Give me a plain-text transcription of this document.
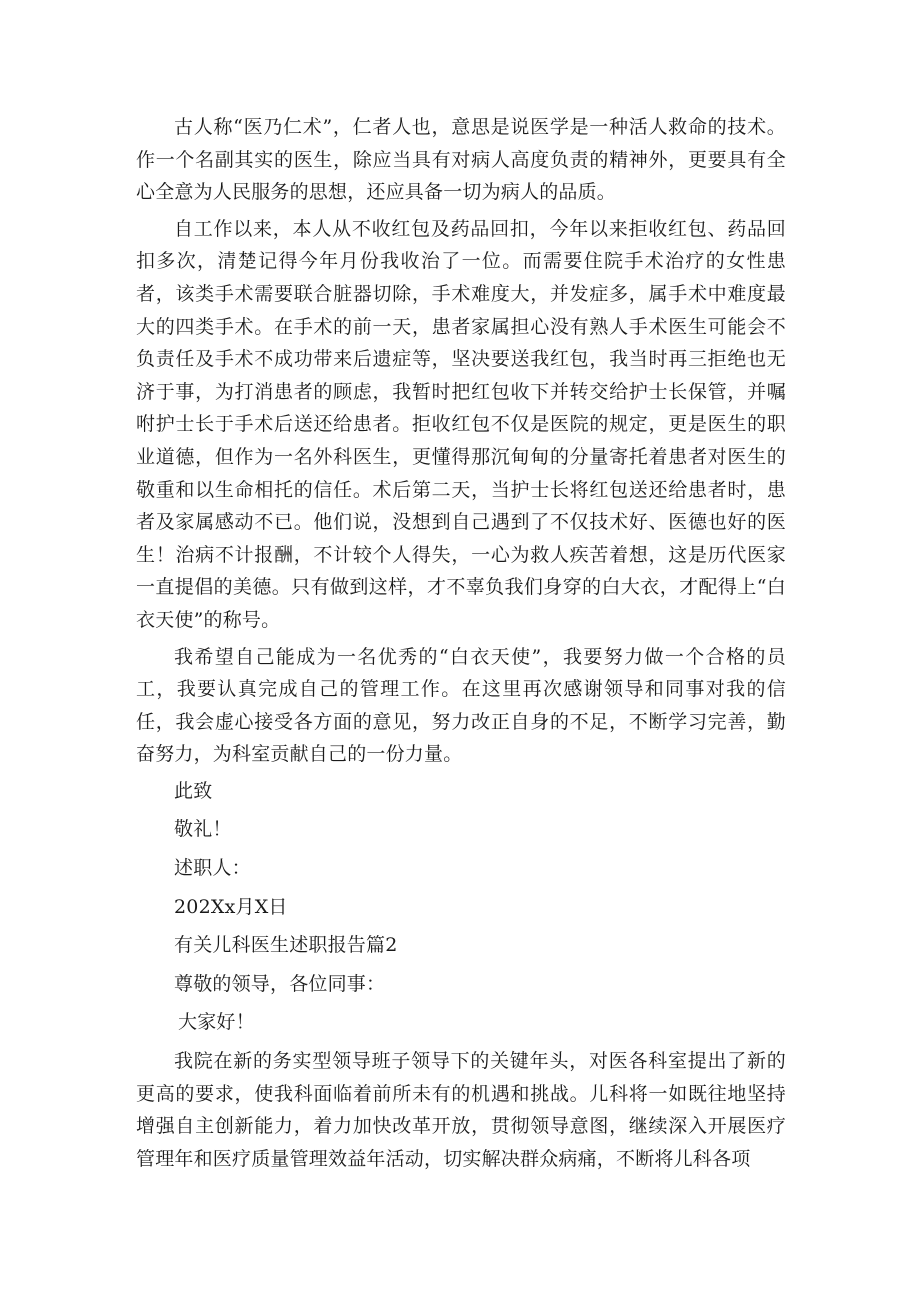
古人称“医乃仁术”，仁者人也，意思是说医学是一种活人救命的技术。作一个名副其实的医生，除应当具有对病人高度负责的精神外，更要具有全心全意为人民服务的思想，还应具备一切为病人的品质。

自工作以来，本人从不收红包及药品回扣，今年以来拒收红包、药品回扣多次，清楚记得今年月份我收治了一位。而需要住院手术治疗的女性患者，该类手术需要联合脏器切除，手术难度大，并发症多，属手术中难度最大的四类手术。在手术的前一天，患者家属担心没有熟人手术医生可能会不负责任及手术不成功带来后遗症等，坚决要送我红包，我当时再三拒绝也无济于事，为打消患者的顾虑，我暂时把红包收下并转交给护士长保管，并嘱咐护士长于手术后送还给患者。拒收红包不仅是医院的规定，更是医生的职业道德，但作为一名外科医生，更懂得那沉甸甸的分量寄托着患者对医生的敬重和以生命相托的信任。术后第二天，当护士长将红包送还给患者时，患者及家属感动不已。他们说，没想到自己遇到了不仅技术好、医德也好的医生！治病不计报酬，不计较个人得失，一心为救人疾苦着想，这是历代医家一直提倡的美德。只有做到这样，才不辜负我们身穿的白大衣，才配得上“白衣天使”的称号。

我希望自己能成为一名优秀的“白衣天使”，我要努力做一个合格的员工，我要认真完成自己的管理工作。在这里再次感谢领导和同事对我的信任，我会虚心接受各方面的意见，努力改正自身的不足，不断学习完善，勤奋努力，为科室贡献自己的一份力量。

此致
敬礼！
述职人：
202Xx月X日
有关儿科医生述职报告篇2
尊敬的领导，各位同事：
大家好！

我院在新的务实型领导班子领导下的关键年头，对医各科室提出了新的更高的要求，使我科面临着前所未有的机遇和挑战。儿科将一如既往地坚持增强自主创新能力，着力加快改革开放，贯彻领导意图，继续深入开展医疗管理年和医疗质量管理效益年活动，切实解决群众病痛，不断将儿科各项
